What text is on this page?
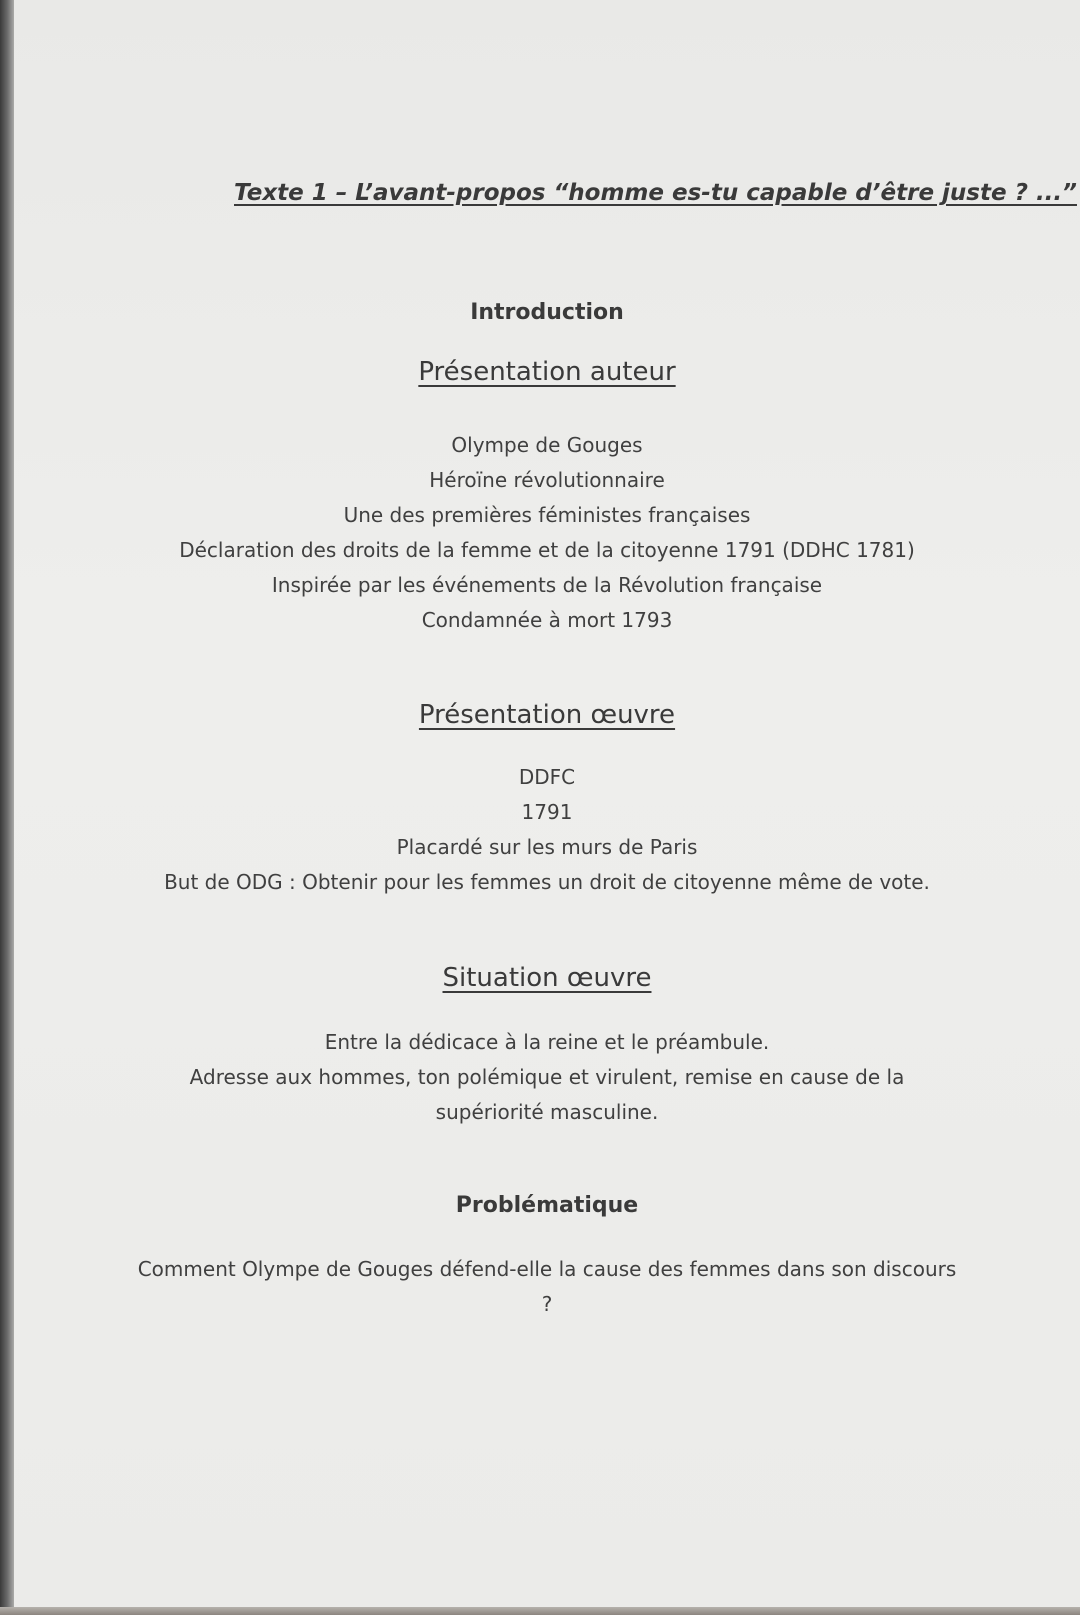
Texte 1 – L’avant-propos “homme es-tu capable d’être juste ? ...”
Introduction
Présentation auteur
Olympe de Gouges
Héroïne révolutionnaire
Une des premières féministes françaises
Déclaration des droits de la femme et de la citoyenne 1791 (DDHC 1781)
Inspirée par les événements de la Révolution française
Condamnée à mort 1793
Présentation œuvre
DDFC
1791
Placardé sur les murs de Paris
But de ODG : Obtenir pour les femmes un droit de citoyenne même de vote.
Situation œuvre
Entre la dédicace à la reine et le préambule.
Adresse aux hommes, ton polémique et virulent, remise en cause de la
supériorité masculine.
Problématique
Comment Olympe de Gouges défend-elle la cause des femmes dans son discours
?
